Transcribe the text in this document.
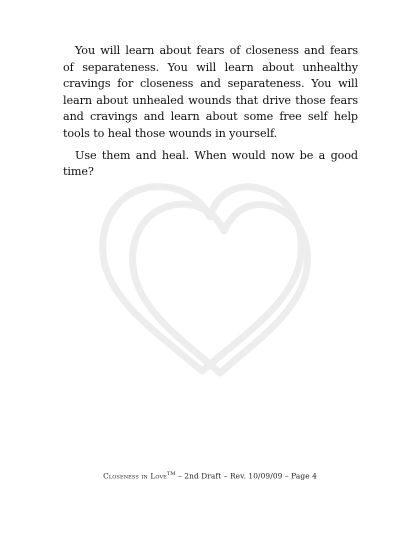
You will learn about fears of closeness and fears of separateness. You will learn about unhealthy cravings for closeness and separateness. You will learn about unhealed wounds that drive those fears and cravings and learn about some free self help tools to heal those wounds in yourself.

Use them and heal. When would now be a good time?

Closeness in Love™ – 2nd Draft – Rev. 10/09/09 – Page 4
